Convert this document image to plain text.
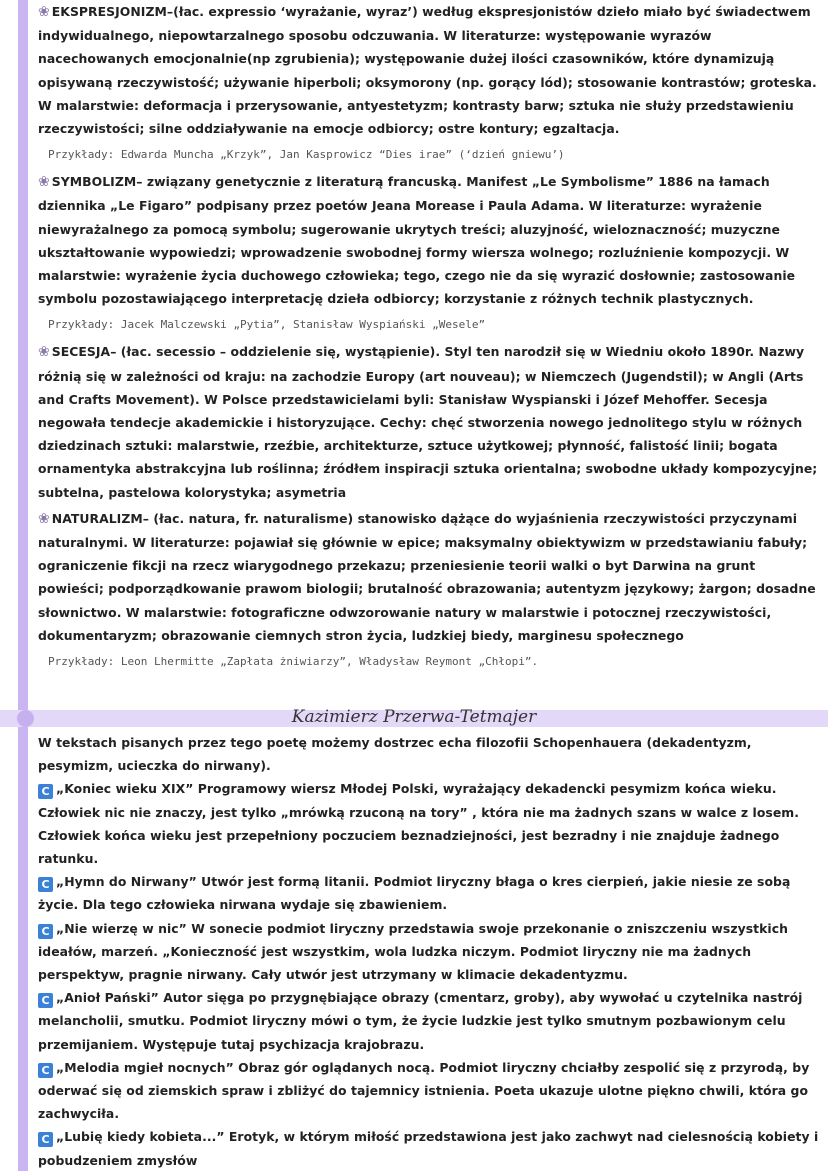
❀ EKSPRESJONIZM–(łac. expressio ‘wyrażanie, wyraz’) według ekspresjonistów dzieło miało być świadectwem indywidualnego, niepowtarzalnego sposobu odczuwania. W literaturze: występowanie wyrazów nacechowanych emocjonalnie(np zgrubienia); występowanie dużej ilości czasowników, które dynamizują opisywaną rzeczywistość; używanie hiperboli; oksymorony (np. gorący lód); stosowanie kontrastów; groteska. W malarstwie: deformacja i przerysowanie, antyestetyzm; kontrasty barw; sztuka nie służy przedstawieniu rzeczywistości; silne oddziaływanie na emocje odbiorcy; ostre kontury; egzaltacja.

Przykłady: Edwarda Muncha „Krzyk”, Jan Kasprowicz “Dies irae” (‘dzień gniewu’)

❀ SYMBOLIZM– związany genetycznie z literaturą francuską. Manifest „Le Symbolisme” 1886 na łamach dziennika „Le Figaro” podpisany przez poetów Jeana Morease i Paula Adama. W literaturze: wyrażenie niewyrażalnego za pomocą symbolu; sugerowanie ukrytych treści; aluzyjność, wieloznaczność; muzyczne ukształtowanie wypowiedzi; wprowadzenie swobodnej formy wiersza wolnego; rozluźnienie kompozycji. W malarstwie: wyrażenie życia duchowego człowieka; tego, czego nie da się wyrazić dosłownie; zastosowanie symbolu pozostawiającego interpretację dzieła odbiorcy; korzystanie z różnych technik plastycznych.

Przykłady: Jacek Malczewski „Pytia”, Stanisław Wyspiański „Wesele”

❀ SECESJA– (łac. secessio – oddzielenie się, wystąpienie). Styl ten narodził się w Wiedniu około 1890r. Nazwy różnią się w zależności od kraju: na zachodzie Europy (art nouveau); w Niemczech (Jugendstil); w Angli (Arts and Crafts Movement). W Polsce przedstawicielami byli: Stanisław Wyspianski i Józef Mehoffer. Secesja negowała tendecje akademickie i historyzujące. Cechy: chęć stworzenia nowego jednolitego stylu w różnych dziedzinach sztuki: malarstwie, rzeźbie, architekturze, sztuce użytkowej; płynność, falistość linii; bogata ornamentyka abstrakcyjna lub roślinna; źródłem inspiracji sztuka orientalna; swobodne układy kompozycyjne; subtelna, pastelowa kolorystyka; asymetria

❀ NATURALIZM– (łac. natura, fr. naturalisme) stanowisko dążące do wyjaśnienia rzeczywistości przyczynami naturalnymi. W literaturze: pojawiał się głównie w epice; maksymalny obiektywizm w przedstawianiu fabuły; ograniczenie fikcji na rzecz wiarygodnego przekazu; przeniesienie teorii walki o byt Darwina na grunt powieści; podporządkowanie prawom biologii; brutalność obrazowania; autentyzm językowy; żargon; dosadne słownictwo. W malarstwie: fotograficzne odwzorowanie natury w malarstwie i potocznej rzeczywistości, dokumentaryzm; obrazowanie ciemnych stron życia, ludzkiej biedy, marginesu społecznego

Przykłady: Leon Lhermitte „Zapłata żniwiarzy”, Władysław Reymont „Chłopi”.
Kazimierz Przerwa-Tetmajer

W tekstach pisanych przez tego poetę możemy dostrzec echa filozofii Schopenhauera (dekadentyzm, pesymizm, ucieczka do nirwany).

C „Koniec wieku XIX” Programowy wiersz Młodej Polski, wyrażający dekadencki pesymizm końca wieku. Człowiek nic nie znaczy, jest tylko „mrówką rzuconą na tory” , która nie ma żadnych szans w walce z losem. Człowiek końca wieku jest przepełniony poczuciem beznadziejności, jest bezradny i nie znajduje żadnego ratunku.

C „Hymn do Nirwany” Utwór jest formą litanii. Podmiot liryczny błaga o kres cierpień, jakie niesie ze sobą życie. Dla tego człowieka nirwana wydaje się zbawieniem.

C „Nie wierzę w nic” W sonecie podmiot liryczny przedstawia swoje przekonanie o zniszczeniu wszystkich ideałów, marzeń. „Konieczność jest wszystkim, wola ludzka niczym. Podmiot liryczny nie ma żadnych perspektyw, pragnie nirwany. Cały utwór jest utrzymany w klimacie dekadentyzmu.

C „Anioł Pański” Autor sięga po przygnębiające obrazy (cmentarz, groby), aby wywołać u czytelnika nastrój melancholii, smutku. Podmiot liryczny mówi o tym, że życie ludzkie jest tylko smutnym pozbawionym celu przemijaniem. Występuje tutaj psychizacja krajobrazu.

C „Melodia mgieł nocnych” Obraz gór oglądanych nocą. Podmiot liryczny chciałby zespolić się z przyrodą, by oderwać się od ziemskich spraw i zbliżyć do tajemnicy istnienia. Poeta ukazuje ulotne piękno chwili, która go zachwyciła.

C „Lubię kiedy kobieta...” Erotyk, w którym miłość przedstawiona jest jako zachwyt nad cielesnością kobiety i pobudzeniem zmysłów
